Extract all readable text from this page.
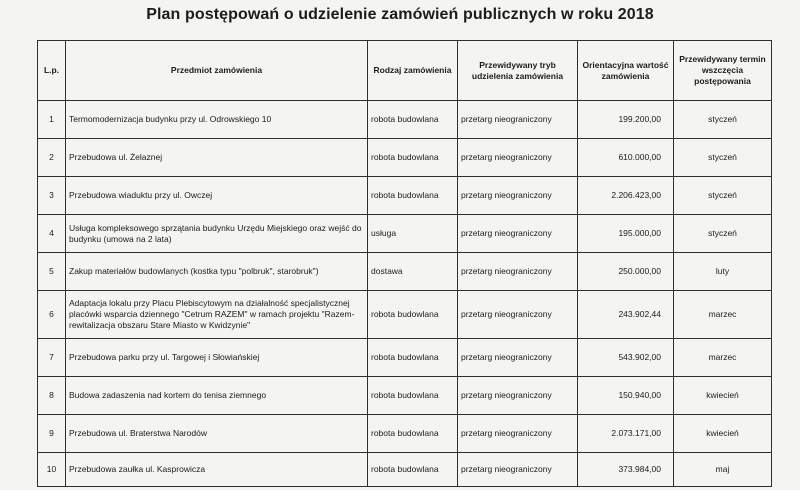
Plan postępowań o udzielenie zamówień publicznych w roku 2018
L.p.	Przedmiot zamówienia	Rodzaj zamówienia	Przewidywany tryb udzielenia zamówienia	Orientacyjna wartość zamówienia	Przewidywany termin wszczęcia postępowania
1	Termomodernizacja budynku przy ul. Odrowskiego 10	robota budowlana	przetarg nieograniczony	199.200,00	styczeń
2	Przebudowa ul. Żelaznej	robota budowlana	przetarg nieograniczony	610.000,00	styczeń
3	Przebudowa wiaduktu przy ul. Owczej	robota budowlana	przetarg nieograniczony	2.206.423,00	styczeń
4	Usługa kompleksowego sprzątania budynku Urzędu Miejskiego oraz wejść do budynku (umowa na 2 lata)	usługa	przetarg nieograniczony	195.000,00	styczeń
5	Zakup materiałów budowlanych (kostka typu "polbruk", starobruk")	dostawa	przetarg nieograniczony	250.000,00	luty
6	Adaptacja lokalu przy Placu Plebiscytowym na działalność specjalistycznej placówki wsparcia dziennego "Cetrum RAZEM" w ramach projektu "Razem-rewitalizacja obszaru Stare Miasto w Kwidzynie"	robota budowlana	przetarg nieograniczony	243.902,44	marzec
7	Przebudowa parku przy ul. Targowej i Słowiańskiej	robota budowlana	przetarg nieograniczony	543.902,00	marzec
8	Budowa zadaszenia nad kortem do tenisa ziemnego	robota budowlana	przetarg nieograniczony	150.940,00	kwiecień
9	Przebudowa ul. Braterstwa Narodów	robota budowlana	przetarg nieograniczony	2.073.171,00	kwiecień
10	Przebudowa zaułka ul. Kasprowicza	robota budowlana	przetarg nieograniczony	373.984,00	maj
